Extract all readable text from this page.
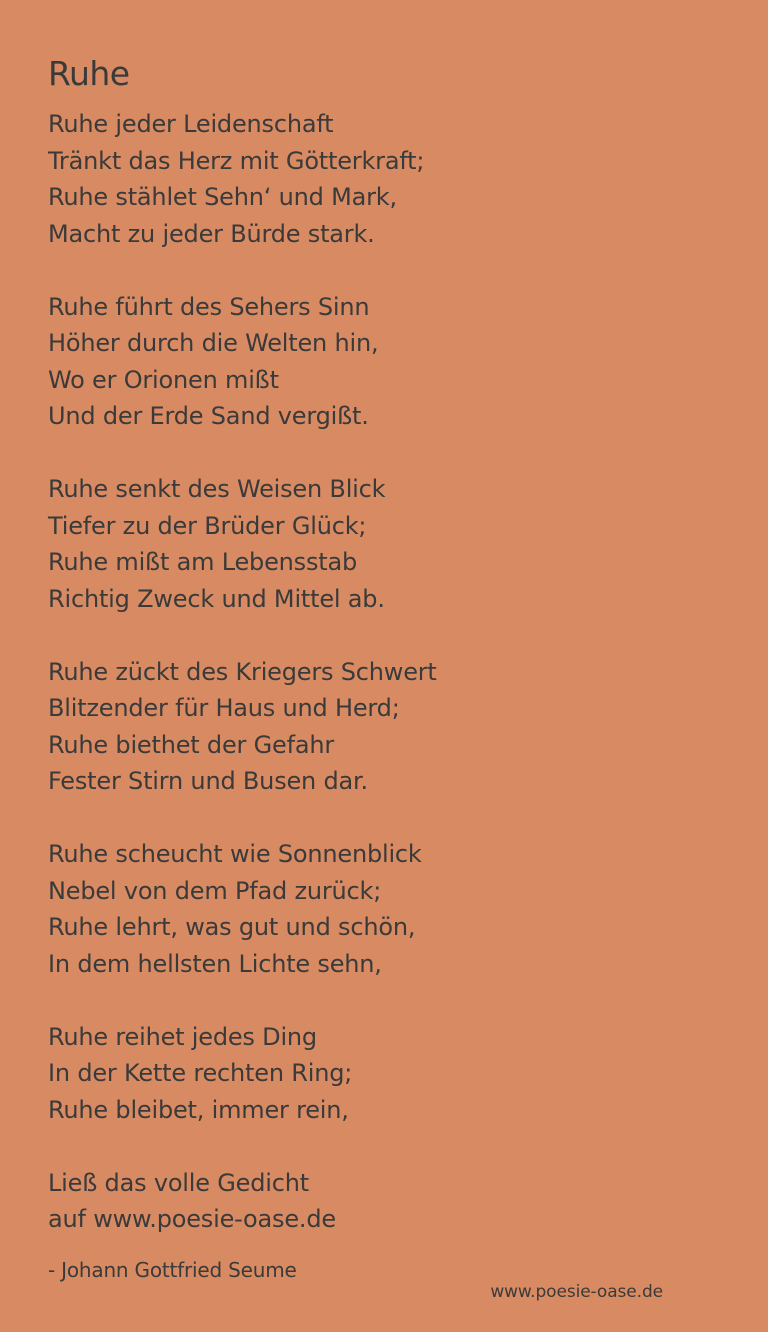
Ruhe
Ruhe jeder Leidenschaft
Tränkt das Herz mit Götterkraft;
Ruhe stählet Sehn‘ und Mark,
Macht zu jeder Bürde stark.
Ruhe führt des Sehers Sinn
Höher durch die Welten hin,
Wo er Orionen mißt
Und der Erde Sand vergißt.
Ruhe senkt des Weisen Blick
Tiefer zu der Brüder Glück;
Ruhe mißt am Lebensstab
Richtig Zweck und Mittel ab.
Ruhe zückt des Kriegers Schwert
Blitzender für Haus und Herd;
Ruhe biethet der Gefahr
Fester Stirn und Busen dar.
Ruhe scheucht wie Sonnenblick
Nebel von dem Pfad zurück;
Ruhe lehrt, was gut und schön,
In dem hellsten Lichte sehn,
Ruhe reihet jedes Ding
In der Kette rechten Ring;
Ruhe bleibet, immer rein,
Ließ das volle Gedicht
auf www.poesie-oase.de
- Johann Gottfried Seume
www.poesie-oase.de
